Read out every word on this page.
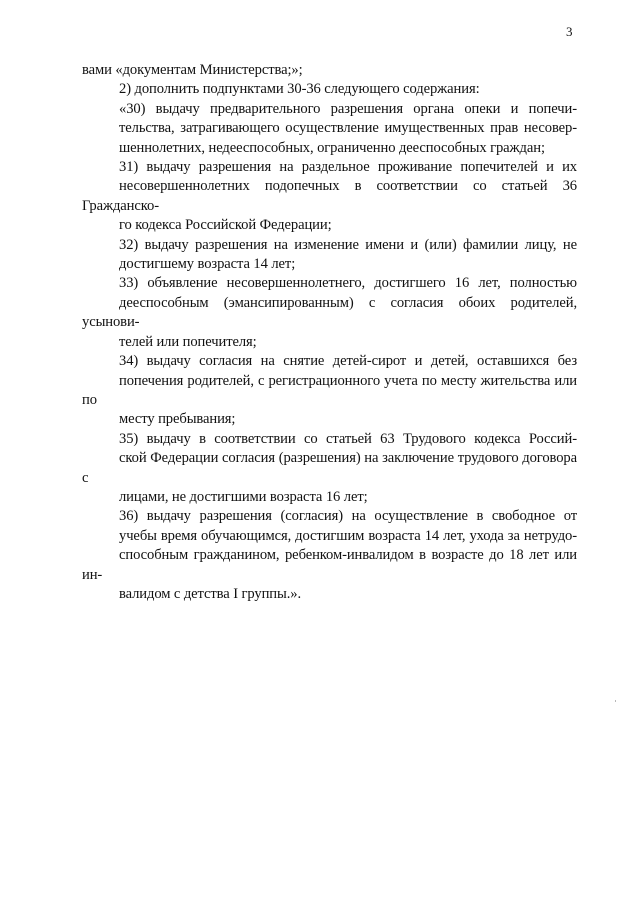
3
вами «документам Министерства;»;
2) дополнить подпунктами 30-36 следующего содержания:
«30) выдачу предварительного разрешения органа опеки и попечи-
тельства, затрагивающего осуществление имущественных прав несовер-
шеннолетних, недееспособных, ограниченно дееспособных граждан;
31) выдачу разрешения на раздельное проживание попечителей и их
несовершеннолетних подопечных в соответствии со статьей 36 Гражданско-
го кодекса Российской Федерации;
32) выдачу разрешения на изменение имени и (или) фамилии лицу, не
достигшему возраста 14 лет;
33) объявление несовершеннолетнего, достигшего 16 лет, полностью
дееспособным (эмансипированным) с согласия обоих родителей, усынови-
телей или попечителя;
34) выдачу согласия на снятие детей-сирот и детей, оставшихся без
попечения родителей, с регистрационного учета по месту жительства или по
месту пребывания;
35) выдачу в соответствии со статьей 63 Трудового кодекса Россий-
ской Федерации согласия (разрешения) на заключение трудового договора с
лицами, не достигшими возраста 16 лет;
36) выдачу разрешения (согласия) на осуществление в свободное от
учебы время обучающимся, достигшим возраста 14 лет, ухода за нетрудо-
способным гражданином, ребенком-инвалидом в возрасте до 18 лет или ин-
валидом с детства I группы.».
